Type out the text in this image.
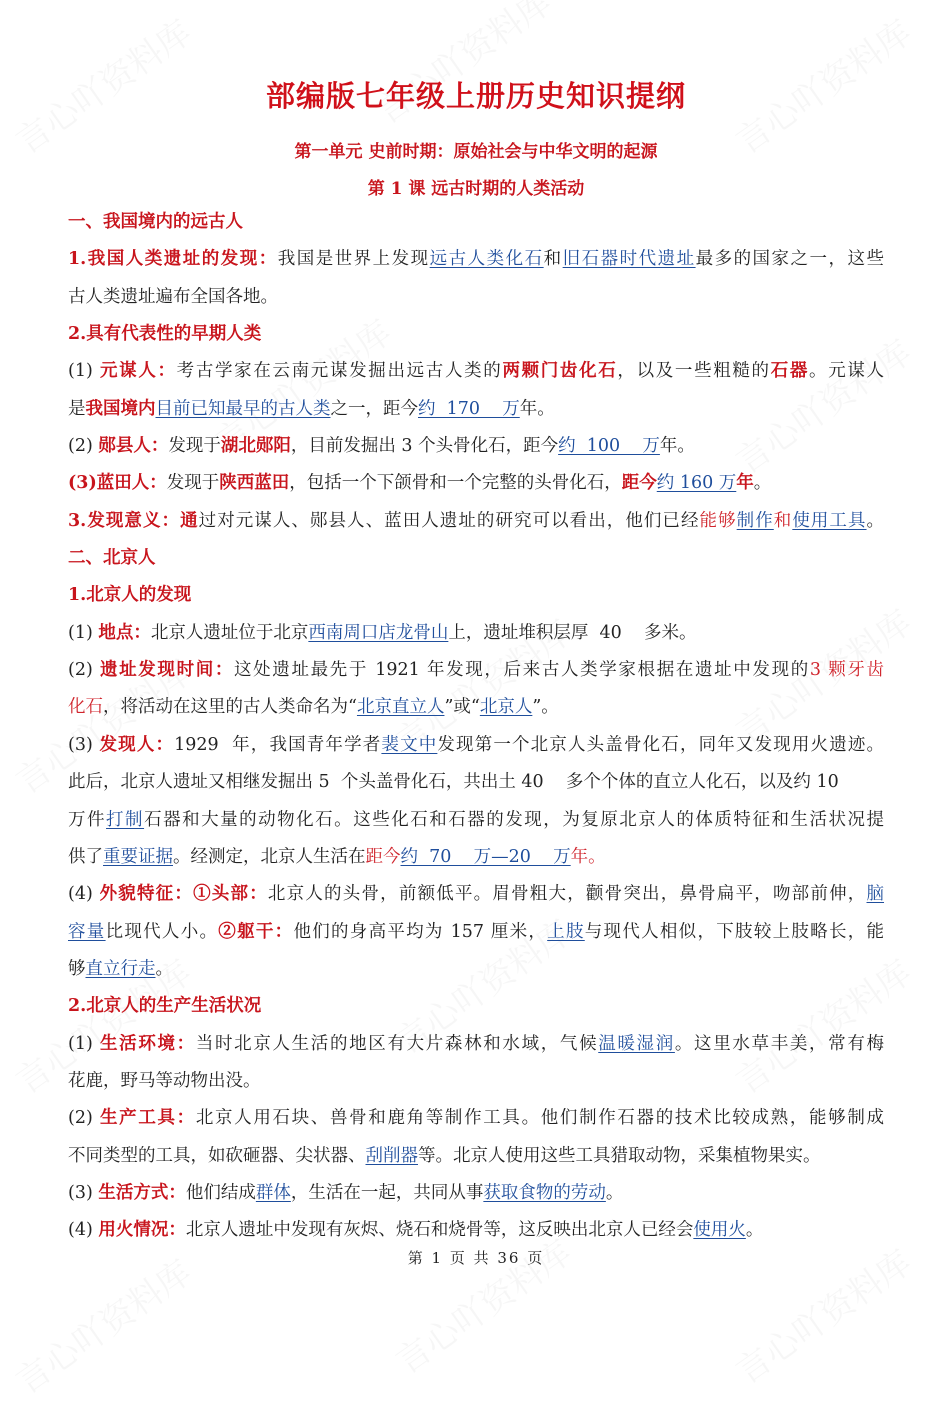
部编版七年级上册历史知识提纲
第一单元 史前时期：原始社会与中华文明的起源
第 1 课 远古时期的人类活动
一、我国境内的远古人
1.我国人类遗址的发现：我国是世界上发现远古人类化石和旧石器时代遗址最多的国家之一，这些
古人类遗址遍布全国各地。
2.具有代表性的早期人类
(1) 元谋人：考古学家在云南元谋发掘出远古人类的两颗门齿化石，以及一些粗糙的石器。元谋人
是我国境内目前已知最早的古人类之一，距今约  170    万年。
(2) 郧县人：发现于湖北郧阳，目前发掘出 3 个头骨化石，距今约  100    万年。
(3)蓝田人：发现于陕西蓝田，包括一个下颌骨和一个完整的头骨化石，距今约 160 万年。
3.发现意义：通过对元谋人、郧县人、蓝田人遗址的研究可以看出，他们已经能够制作和使用工具。
二、北京人
1.北京人的发现
(1) 地点：北京人遗址位于北京西南周口店龙骨山上，遗址堆积层厚  40    多米。
(2) 遗址发现时间：这处遗址最先于 1921 年发现，后来古人类学家根据在遗址中发现的3 颗牙齿
化石，将活动在这里的古人类命名为“北京直立人”或“北京人”。
(3) 发现人：1929  年，我国青年学者裴文中发现第一个北京人头盖骨化石，同年又发现用火遗迹。
此后，北京人遗址又相继发掘出 5  个头盖骨化石，共出土 40    多个个体的直立人化石，以及约 10
万件打制石器和大量的动物化石。这些化石和石器的发现，为复原北京人的体质特征和生活状况提
供了重要证据。经测定，北京人生活在距今约  70    万—20    万年。
(4) 外貌特征：①头部：北京人的头骨，前额低平。眉骨粗大，颧骨突出，鼻骨扁平，吻部前伸，脑
容量比现代人小。②躯干：他们的身高平均为 157 厘米，上肢与现代人相似，下肢较上肢略长，能
够直立行走。
2.北京人的生产生活状况
(1) 生活环境：当时北京人生活的地区有大片森林和水域，气候温暖湿润。这里水草丰美，常有梅
花鹿，野马等动物出没。
(2) 生产工具：北京人用石块、兽骨和鹿角等制作工具。他们制作石器的技术比较成熟，能够制成
不同类型的工具，如砍砸器、尖状器、刮削器等。北京人使用这些工具猎取动物，采集植物果实。
(3) 生活方式：他们结成群体，生活在一起，共同从事获取食物的劳动。
(4) 用火情况：北京人遗址中发现有灰烬、烧石和烧骨等，这反映出北京人已经会使用火。
第 1 页 共 36 页
